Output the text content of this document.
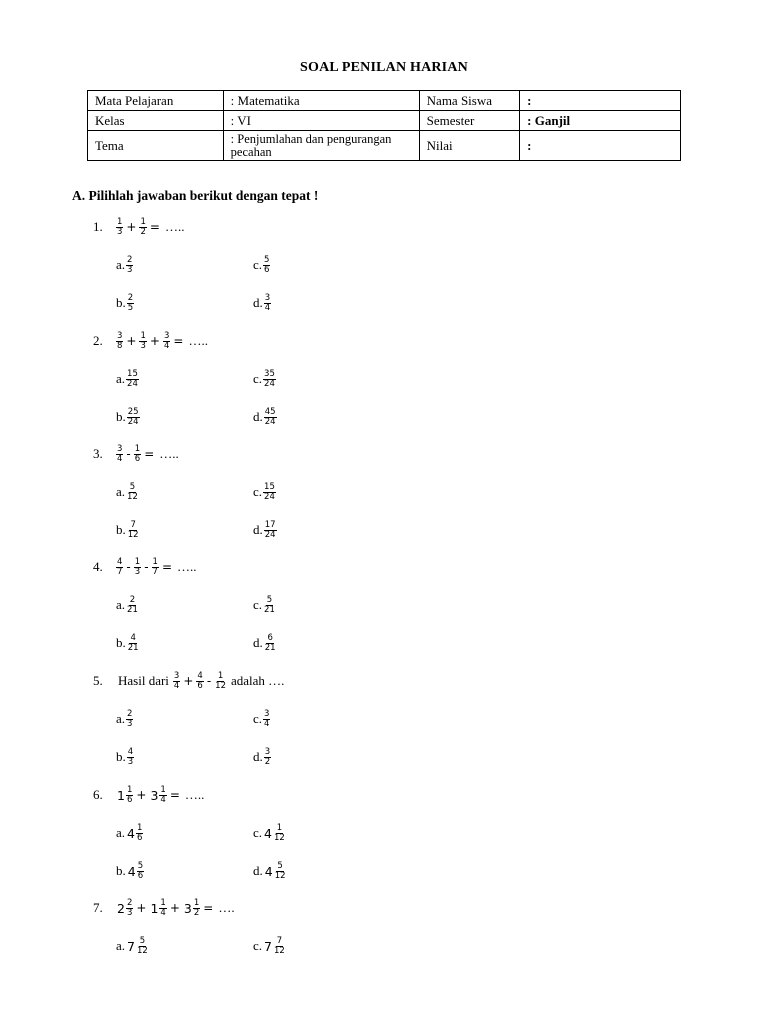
SOAL PENILAN HARIAN
Mata Pelajaran	: Matematika	Nama Siswa	:
Kelas	: VI	Semester	: Ganjil
Tema	: Penjumlahan dan pengurangan pecahan	Nilai	:
A. Pilihlah jawaban berikut dengan tepat !
1.	$\frac{1}{3} + \frac{1}{2}$ = …..
a. $\frac{2}{3}$	c. $\frac{5}{6}$
b. $\frac{2}{5}$	d. $\frac{3}{4}$
2.	$\frac{3}{8} + \frac{1}{3} + \frac{3}{4}$ = …..
a. $\frac{15}{24}$	c. $\frac{35}{24}$
b. $\frac{25}{24}$	d. $\frac{45}{24}$
3.	$\frac{3}{4} - \frac{1}{6}$ = …..
a. $\frac{5}{12}$	c. $\frac{15}{24}$
b. $\frac{7}{12}$	d. $\frac{17}{24}$
4.	$\frac{4}{7} - \frac{1}{3} - \frac{1}{7}$ = …..
a. $\frac{2}{21}$	c. $\frac{5}{21}$
b. $\frac{4}{21}$	d. $\frac{6}{21}$
5.	Hasil dari $\frac{3}{4} + \frac{4}{6} - \frac{1}{12}$ adalah ….
a. $\frac{2}{3}$	c. $\frac{3}{4}$
b. $\frac{4}{3}$	d. $\frac{3}{2}$
6.	$1 \frac{1}{6} + 3 \frac{1}{4}$ = …..
a. $4 \frac{1}{6}$	c. $4 \frac{1}{12}$
b. $4 \frac{5}{6}$	d. $4 \frac{5}{12}$
7.	$2 \frac{2}{3} + 1 \frac{1}{4} + 3 \frac{1}{2}$ = ….
a. $7 \frac{5}{12}$	c. $7 \frac{7}{12}$
